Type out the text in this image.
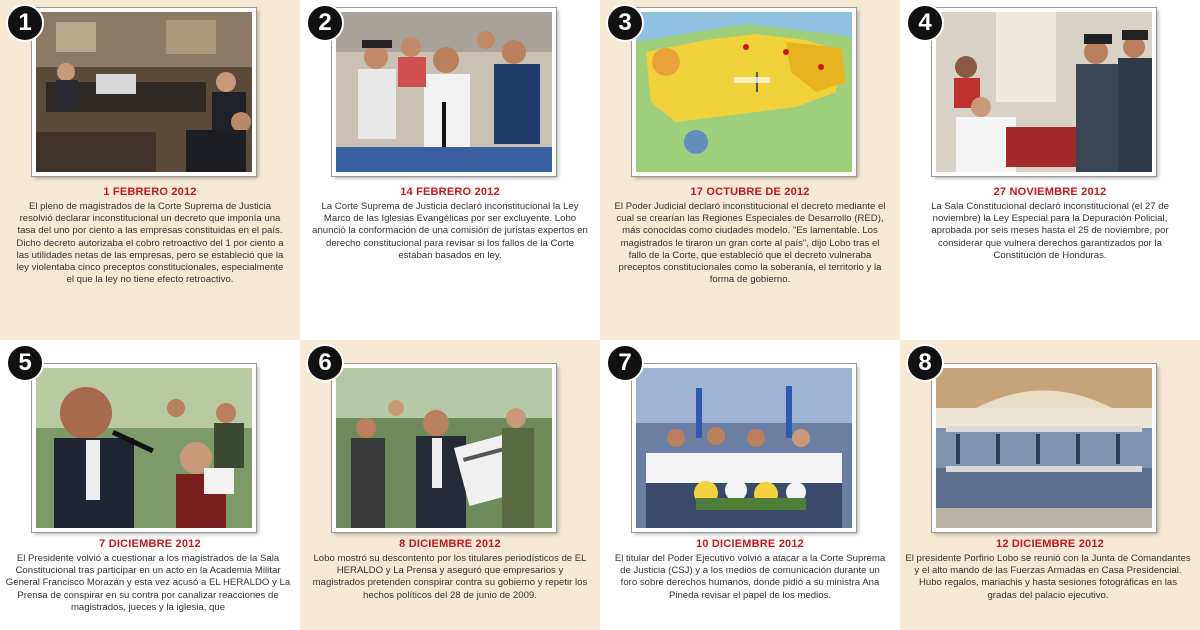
1
1 FEBRERO 2012
El pleno de magistrados de la Corte Suprema de Justicia resolvió declarar inconstitucional un decreto que imponía una tasa del uno por ciento a las empresas constituidas en el país. Dicho decreto autorizaba el cobro retroactivo del 1 por ciento a las utilidades netas de las empresas, pero se estableció que la ley violentaba cinco preceptos constitucionales, especialmente el que la ley no tiene efecto retroactivo.
2
14 FEBRERO 2012
La Corte Suprema de Justicia declaró inconstitucional la Ley Marco de las Iglesias Evangélicas por ser excluyente. Lobo anunció la conformación de una comisión de juristas expertos en derecho constitucional para revisar si los fallos de la Corte estaban basados en ley.
3
17 OCTUBRE DE 2012
El Poder Judicial declaró inconstitucional el decreto mediante el cual se crearían las Regiones Especiales de Desarrollo (RED), más conocidas como ciudades modelo. "Es lamentable. Los magistrados le tiraron un gran corte al país", dijo Lobo tras el fallo de la Corte, que estableció que el decreto vulneraba preceptos constitucionales como la soberanía, el territorio y la forma de gobierno.
4
27 NOVIEMBRE 2012
La Sala Constitucional declaró inconstitucional (el 27 de noviembre) la Ley Especial para la Depuración Policial, aprobada por seis meses hasta el 25 de noviembre, por considerar que vulnera derechos garantizados por la Constitución de Honduras.
5
7 DICIEMBRE 2012
El Presidente volvió a cuestionar a los magistrados de la Sala Constitucional tras participar en un acto en la Academia Militar General Francisco Morazán y esta vez acusó a EL HERALDO y La Prensa de conspirar en su contra por canalizar reacciones de magistrados, jueces y la iglesia, que
6
8 DICIEMBRE 2012
Lobo mostró su descontento por los titulares periodísticos de EL HERALDO y La Prensa y aseguró que empresarios y magistrados pretenden conspirar contra su gobierno y repetir los hechos políticos del 28 de junio de 2009.
7
10 DICIEMBRE 2012
El titular del Poder Ejecutivo volvió a atacar a la Corte Suprema de Justicia (CSJ) y a los medios de comunicación durante un foro sobre derechos humanos, donde pidió a su ministra Ana Pineda revisar el papel de los medios.
8
12 DICIEMBRE 2012
El presidente Porfirio Lobo se reunió con la Junta de Comandantes y el alto mando de las Fuerzas Armadas en Casa Presidencial. Hubo regalos, mariachis y hasta sesiones fotográficas en las gradas del palacio ejecutivo.
